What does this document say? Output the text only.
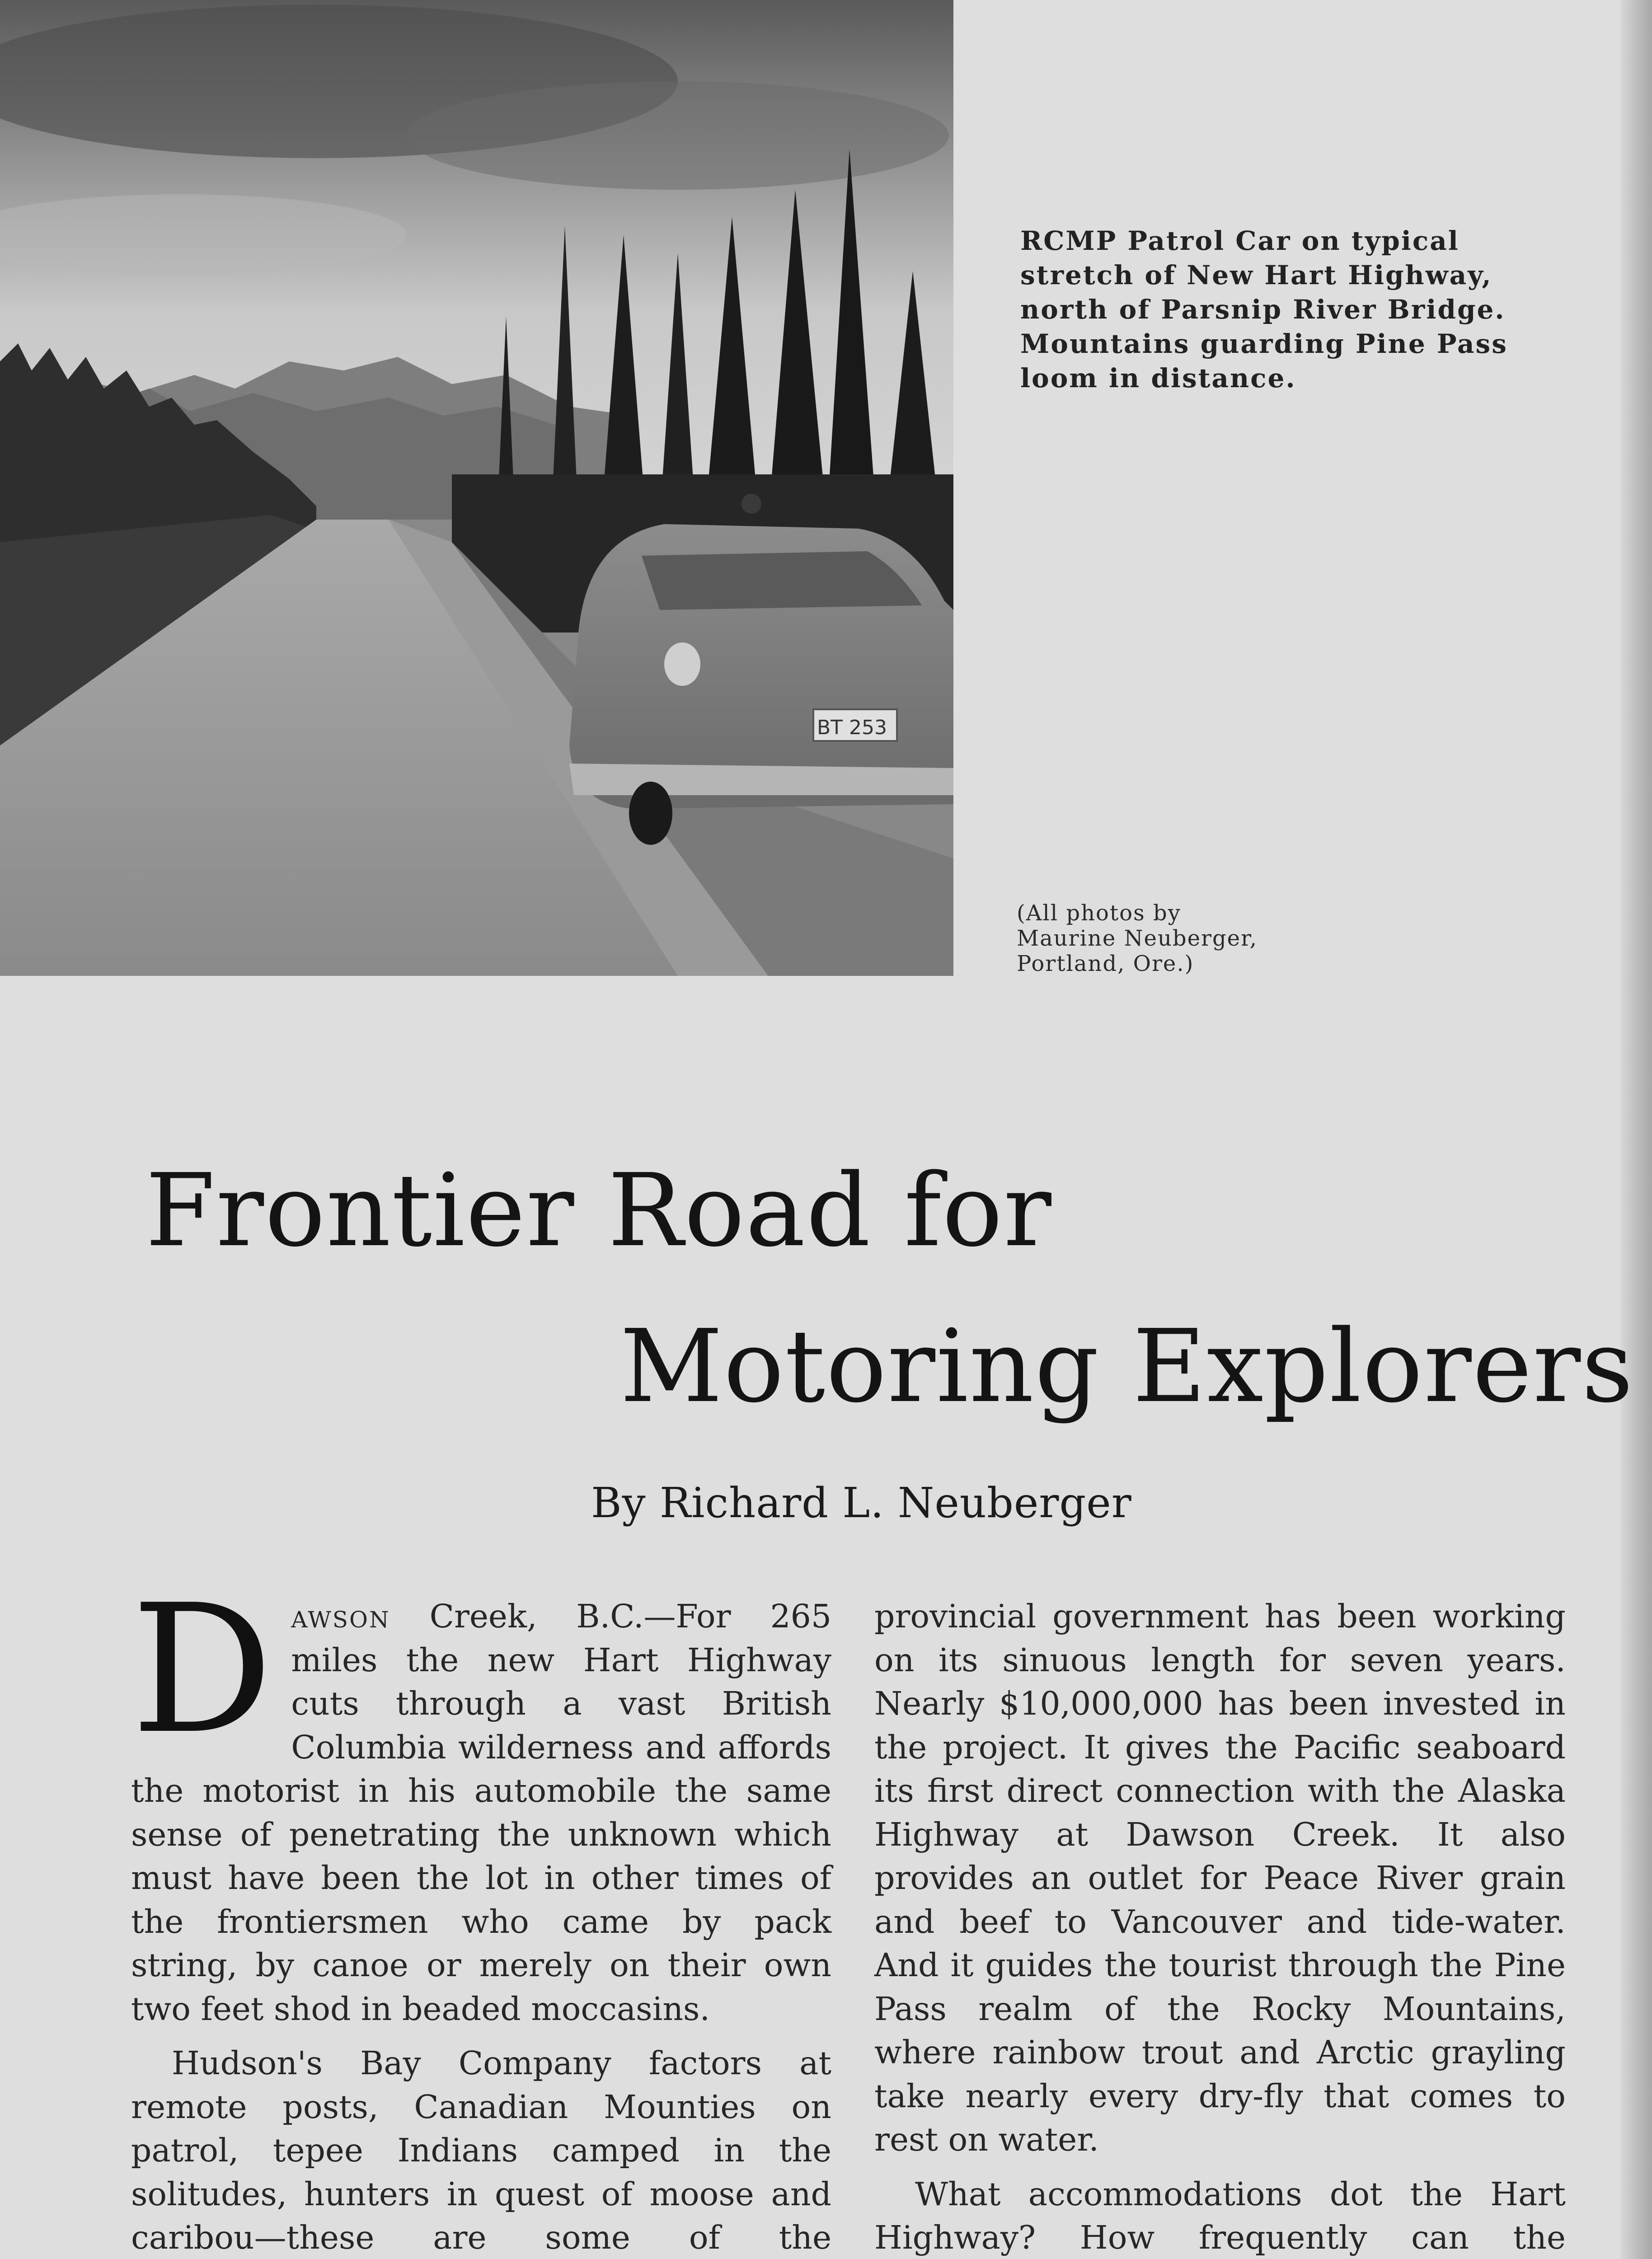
BT 253
RCMP Patrol Car on typical stretch of New Hart Highway, north of Parsnip River Bridge. Mountains guarding Pine Pass loom in distance.
(All photos by
Maurine Neuberger,
Portland, Ore.)
Frontier Road for
Motoring Explorers
By Richard L. Neuberger

Dawson Creek, B.C.—For 265 miles the new Hart Highway cuts through a vast British Columbia wilderness and affords the motorist in his automobile the same sense of penetrating the unknown which must have been the lot in other times of the frontiersmen who came by pack string, by canoe or merely on their own two feet shod in beaded moccasins.

Hudson's Bay Company factors at remote posts, Canadian Mounties on patrol, tepee Indians camped in the solitudes, hunters in quest of moose and caribou—these are some of the

provincial government has been working on its sinuous length for seven years. Nearly $10,000,000 has been invested in the project. It gives the Pacific seaboard its first direct connection with the Alaska Highway at Dawson Creek. It also provides an outlet for Peace River grain and beef to Vancouver and tide-water. And it guides the tourist through the Pine Pass realm of the Rocky Mountains, where rainbow trout and Arctic grayling take nearly every dry-fly that comes to rest on water.

What accommodations dot the Hart Highway? How frequently can the
